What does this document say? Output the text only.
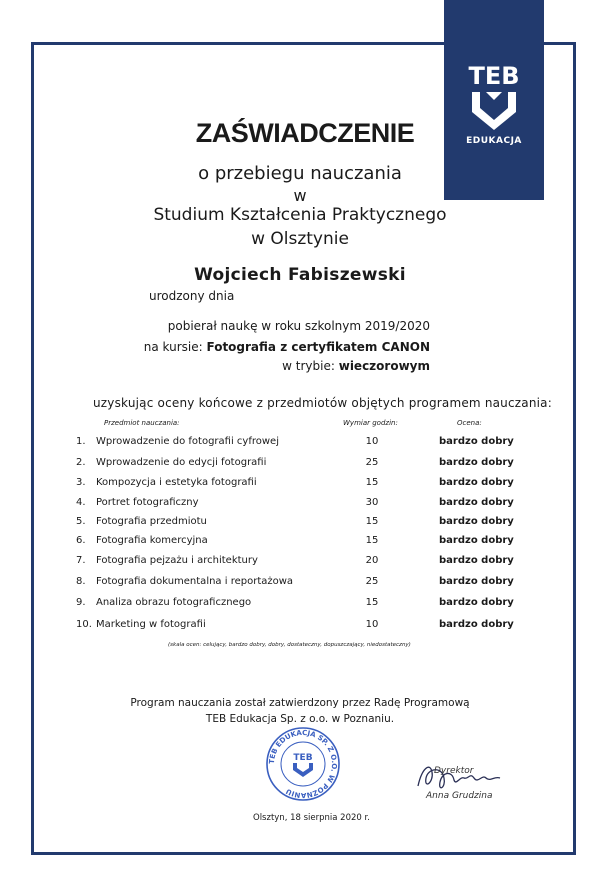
TEB
EDUKACJA
ZAŚWIADCZENIE
o przebiegu nauczania
w
Studium Kształcenia Praktycznego
w Olsztynie
Wojciech Fabiszewski
urodzony dnia
pobierał naukę w roku szkolnym 2019/2020
na kursie: Fotografia z certyfikatem CANON
w trybie: wieczorowym
uzyskując oceny końcowe z przedmiotów objętych programem nauczania:
Przedmiot nauczania:	Wymiar godzin:	Ocena:
1. Wprowadzenie do fotografii cyfrowej	10	bardzo dobry
2. Wprowadzenie do edycji fotografii	25	bardzo dobry
3. Kompozycja i estetyka fotografii	15	bardzo dobry
4. Portret fotograficzny	30	bardzo dobry
5. Fotografia przedmiotu	15	bardzo dobry
6. Fotografia komercyjna	15	bardzo dobry
7. Fotografia pejzażu i architektury	20	bardzo dobry
8. Fotografia dokumentalna i reportażowa	25	bardzo dobry
9. Analiza obrazu fotograficznego	15	bardzo dobry
10. Marketing w fotografii	10	bardzo dobry
(skala ocen: celujący, bardzo dobry, dobry, dostateczny, dopuszczający, niedostateczny)
Program nauczania został zatwierdzony przez Radę Programową
TEB Edukacja Sp. z o.o. w Poznaniu.
TEB EDUKACJA SP. Z O.O. W POZNANIU
TEB
Dyrektor
Anna Grudzina
Olsztyn, 18 sierpnia 2020 r.
